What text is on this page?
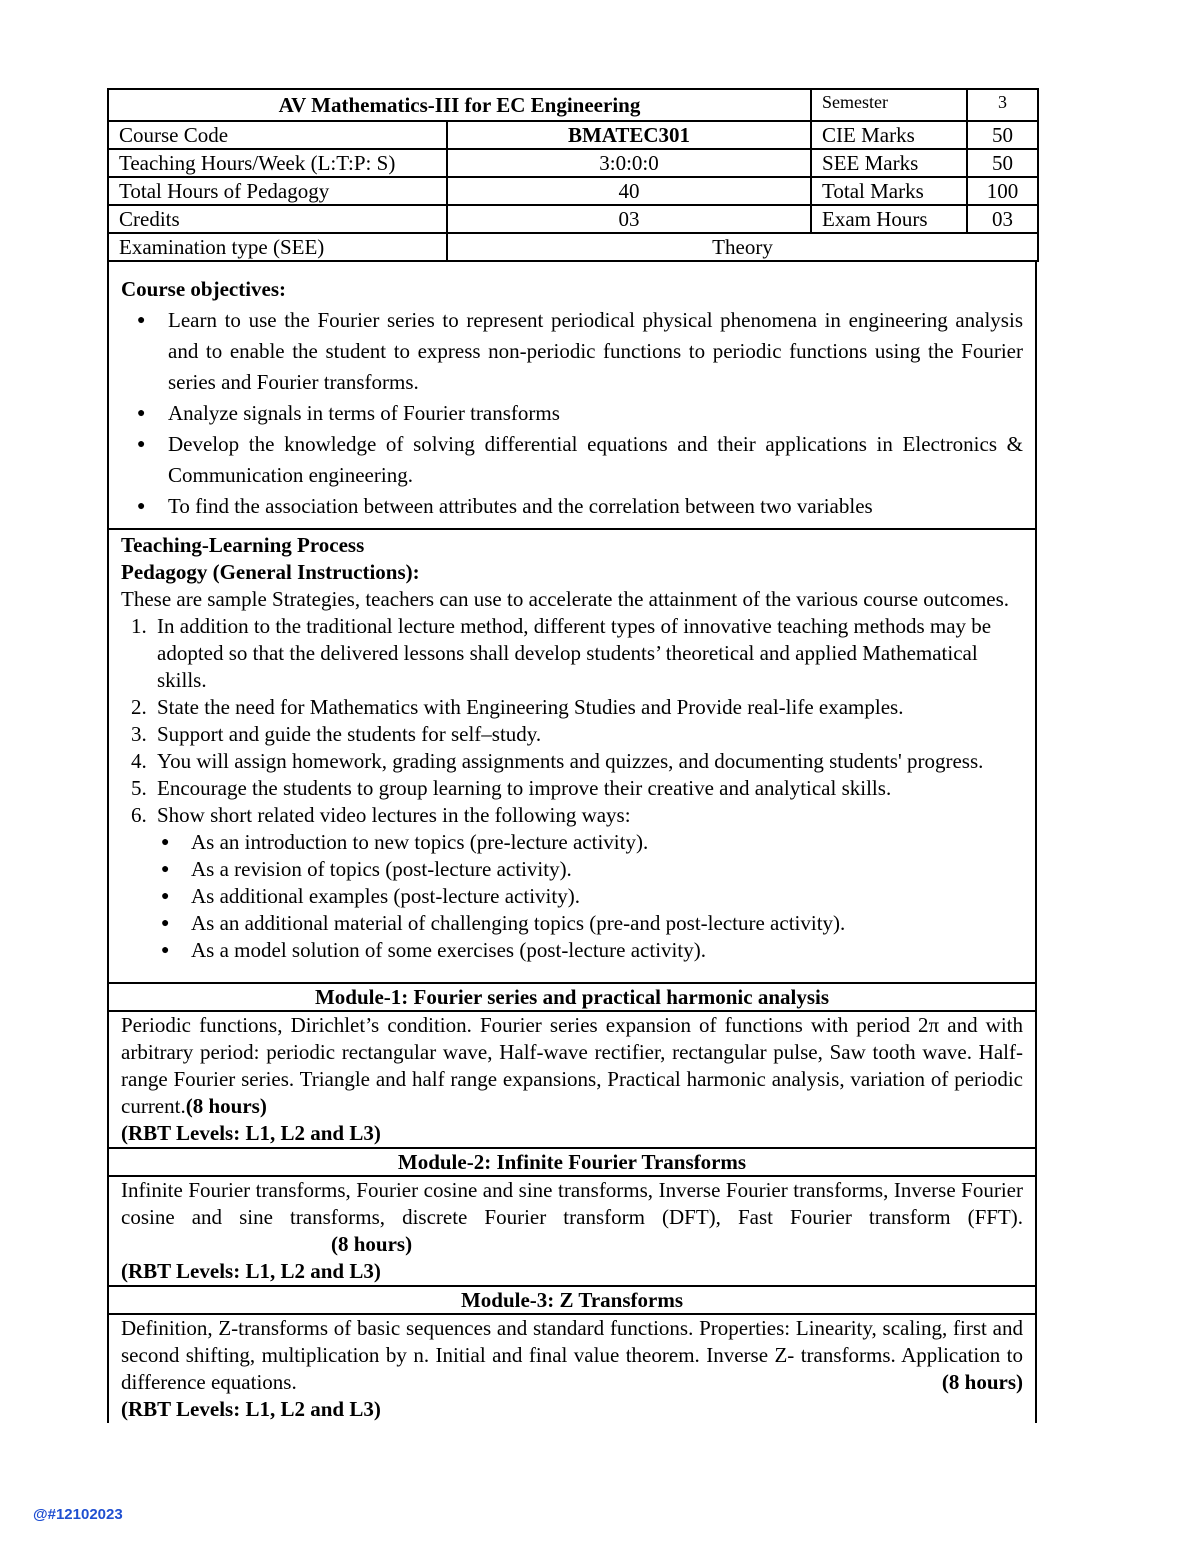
AV Mathematics-III for EC Engineering		Semester	3
Course Code	BMATEC301	CIE Marks	50
Teaching Hours/Week (L:T:P: S)	3:0:0:0	SEE Marks	50
Total Hours of Pedagogy	40	Total Marks	100
Credits	03	Exam Hours	03
Examination type (SEE)	Theory		
Course objectives:
● Learn to use the Fourier series to represent periodical physical phenomena in engineering analysis and to enable the student to express non-periodic functions to periodic functions using the Fourier series and Fourier transforms.
● Analyze signals in terms of Fourier transforms
● Develop the knowledge of solving differential equations and their applications in Electronics & Communication engineering.
● To find the association between attributes and the correlation between two variables
Teaching-Learning Process
Pedagogy (General Instructions):
These are sample Strategies, teachers can use to accelerate the attainment of the various course outcomes.
1. In addition to the traditional lecture method, different types of innovative teaching methods may be adopted so that the delivered lessons shall develop students’ theoretical and applied Mathematical skills.
2. State the need for Mathematics with Engineering Studies and Provide real-life examples.
3. Support and guide the students for self–study.
4. You will assign homework, grading assignments and quizzes, and documenting students' progress.
5. Encourage the students to group learning to improve their creative and analytical skills.
6. Show short related video lectures in the following ways:
● As an introduction to new topics (pre-lecture activity).
● As a revision of topics (post-lecture activity).
● As additional examples (post-lecture activity).
● As an additional material of challenging topics (pre-and post-lecture activity).
● As a model solution of some exercises (post-lecture activity).
Module-1: Fourier series and practical harmonic analysis
Periodic functions, Dirichlet’s condition. Fourier series expansion of functions with period 2π and with arbitrary period: periodic rectangular wave, Half-wave rectifier, rectangular pulse, Saw tooth wave. Half-range Fourier series. Triangle and half range expansions, Practical harmonic analysis, variation of periodic current.(8 hours)
(RBT Levels: L1, L2 and L3)
Module-2: Infinite Fourier Transforms
Infinite Fourier transforms, Fourier cosine and sine transforms, Inverse Fourier transforms, Inverse Fourier cosine and sine transforms, discrete Fourier transform (DFT), Fast Fourier transform (FFT).(8 hours)
(RBT Levels: L1, L2 and L3)
Module-3: Z Transforms
Definition, Z-transforms of basic sequences and standard functions. Properties: Linearity, scaling, first and second shifting, multiplication by n. Initial and final value theorem. Inverse Z- transforms. Application to difference equations.	(8 hours)
(RBT Levels: L1, L2 and L3)
@#12102023
